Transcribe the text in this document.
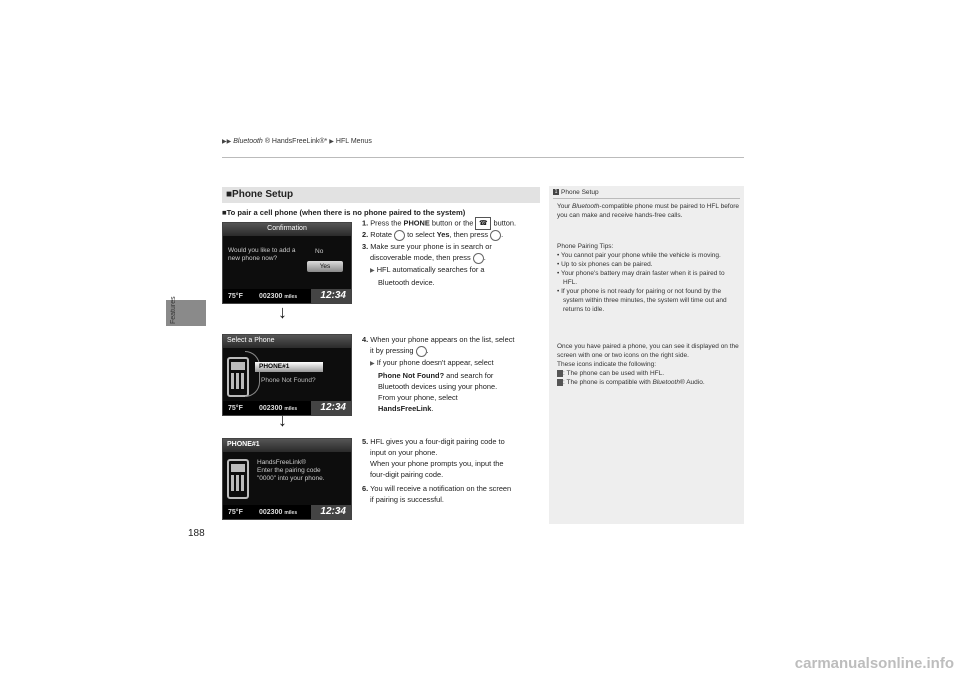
▶▶ Bluetooth ® HandsFreeLink®* ▶ HFL Menus
Features
188
■Phone Setup
■To pair a cell phone (when there is no phone paired to the system)
Confirmation
Would you like to add a new phone now?
No
Yes
75°F 002300 miles 12:34
↓
Select a Phone
PHONE#1
Phone Not Found?
75°F 002300 miles 12:34
↓
PHONE#1
HandsFreeLink®
Enter the pairing code
"0000" into your phone.
75°F 002300 miles 12:34
1. Press the PHONE button or the ☎ button.
2. Rotate  to select Yes, then press .
3. Make sure your phone is in search or
discoverable mode, then press .
▶ HFL automatically searches for a
Bluetooth device.
4. When your phone appears on the list, select
it by pressing .
▶ If your phone doesn't appear, select
Phone Not Found? and search for
Bluetooth devices using your phone.
From your phone, select
HandsFreeLink.
5. HFL gives you a four-digit pairing code to
input on your phone.
When your phone prompts you, input the
four-digit pairing code.
6. You will receive a notification on the screen
if pairing is successful.
1 Phone Setup
Your Bluetooth-compatible phone must be paired to HFL before you can make and receive hands-free calls.
Phone Pairing Tips:
• You cannot pair your phone while the vehicle is moving.
• Up to six phones can be paired.
• Your phone's battery may drain faster when it is paired to HFL.
• If your phone is not ready for pairing or not found by the system within three minutes, the system will time out and returns to idle.
Once you have paired a phone, you can see it displayed on the screen with one or two icons on the right side.
These icons indicate the following:
: The phone can be used with HFL.
: The phone is compatible with Bluetooth® Audio.
carmanualsonline.info
